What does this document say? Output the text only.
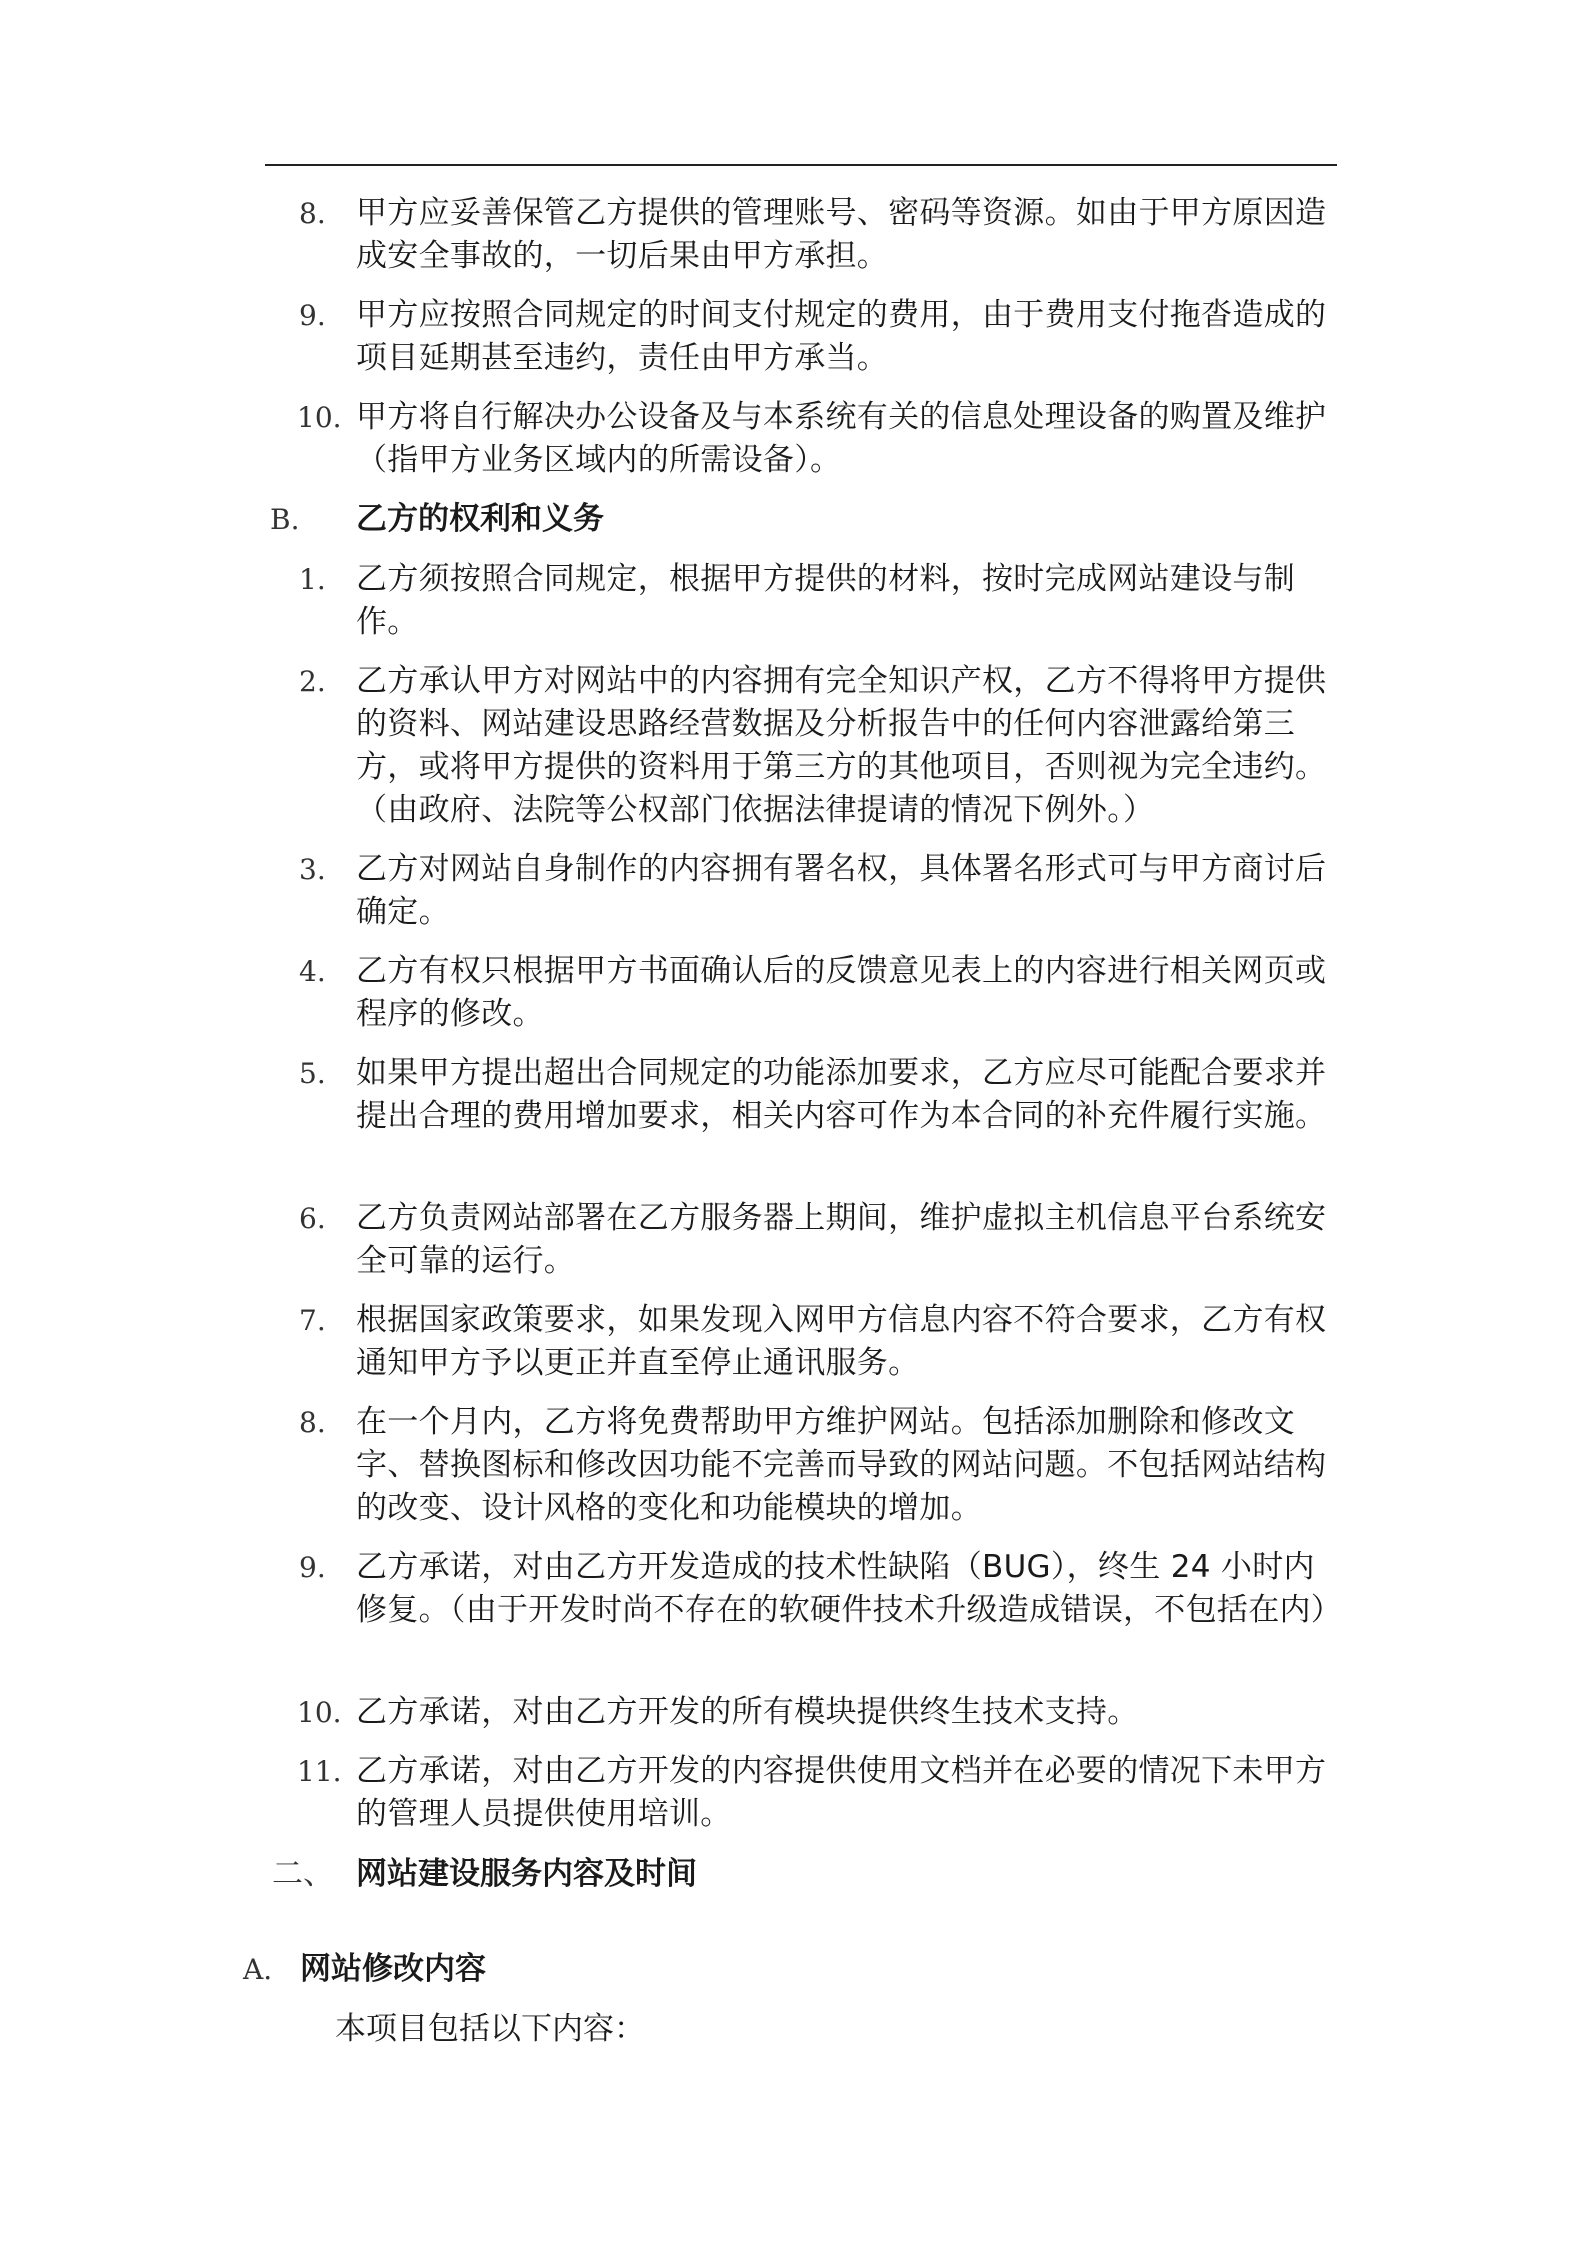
8. 甲方应妥善保管乙方提供的管理账号、密码等资源。如由于甲方原因造成安全事故的，一切后果由甲方承担。
9. 甲方应按照合同规定的时间支付规定的费用，由于费用支付拖沓造成的项目延期甚至违约，责任由甲方承当。
10. 甲方将自行解决办公设备及与本系统有关的信息处理设备的购置及维护（指甲方业务区域内的所需设备）。
B. 乙方的权利和义务
1. 乙方须按照合同规定，根据甲方提供的材料，按时完成网站建设与制作。
2. 乙方承认甲方对网站中的内容拥有完全知识产权，乙方不得将甲方提供的资料、网站建设思路经营数据及分析报告中的任何内容泄露给第三方，或将甲方提供的资料用于第三方的其他项目，否则视为完全违约。（由政府、法院等公权部门依据法律提请的情况下例外。）
3. 乙方对网站自身制作的内容拥有署名权，具体署名形式可与甲方商讨后确定。
4. 乙方有权只根据甲方书面确认后的反馈意见表上的内容进行相关网页或程序的修改。
5. 如果甲方提出超出合同规定的功能添加要求，乙方应尽可能配合要求并提出合理的费用增加要求，相关内容可作为本合同的补充件履行实施。
6. 乙方负责网站部署在乙方服务器上期间，维护虚拟主机信息平台系统安全可靠的运行。
7. 根据国家政策要求，如果发现入网甲方信息内容不符合要求，乙方有权通知甲方予以更正并直至停止通讯服务。
8. 在一个月内，乙方将免费帮助甲方维护网站。包括添加删除和修改文字、替换图标和修改因功能不完善而导致的网站问题。不包括网站结构的改变、设计风格的变化和功能模块的增加。
9. 乙方承诺，对由乙方开发造成的技术性缺陷（BUG），终生 24 小时内修复。（由于开发时尚不存在的软硬件技术升级造成错误，不包括在内）
10. 乙方承诺，对由乙方开发的所有模块提供终生技术支持。
11. 乙方承诺，对由乙方开发的内容提供使用文档并在必要的情况下未甲方的管理人员提供使用培训。
二、 网站建设服务内容及时间
A. 网站修改内容
本项目包括以下内容：
